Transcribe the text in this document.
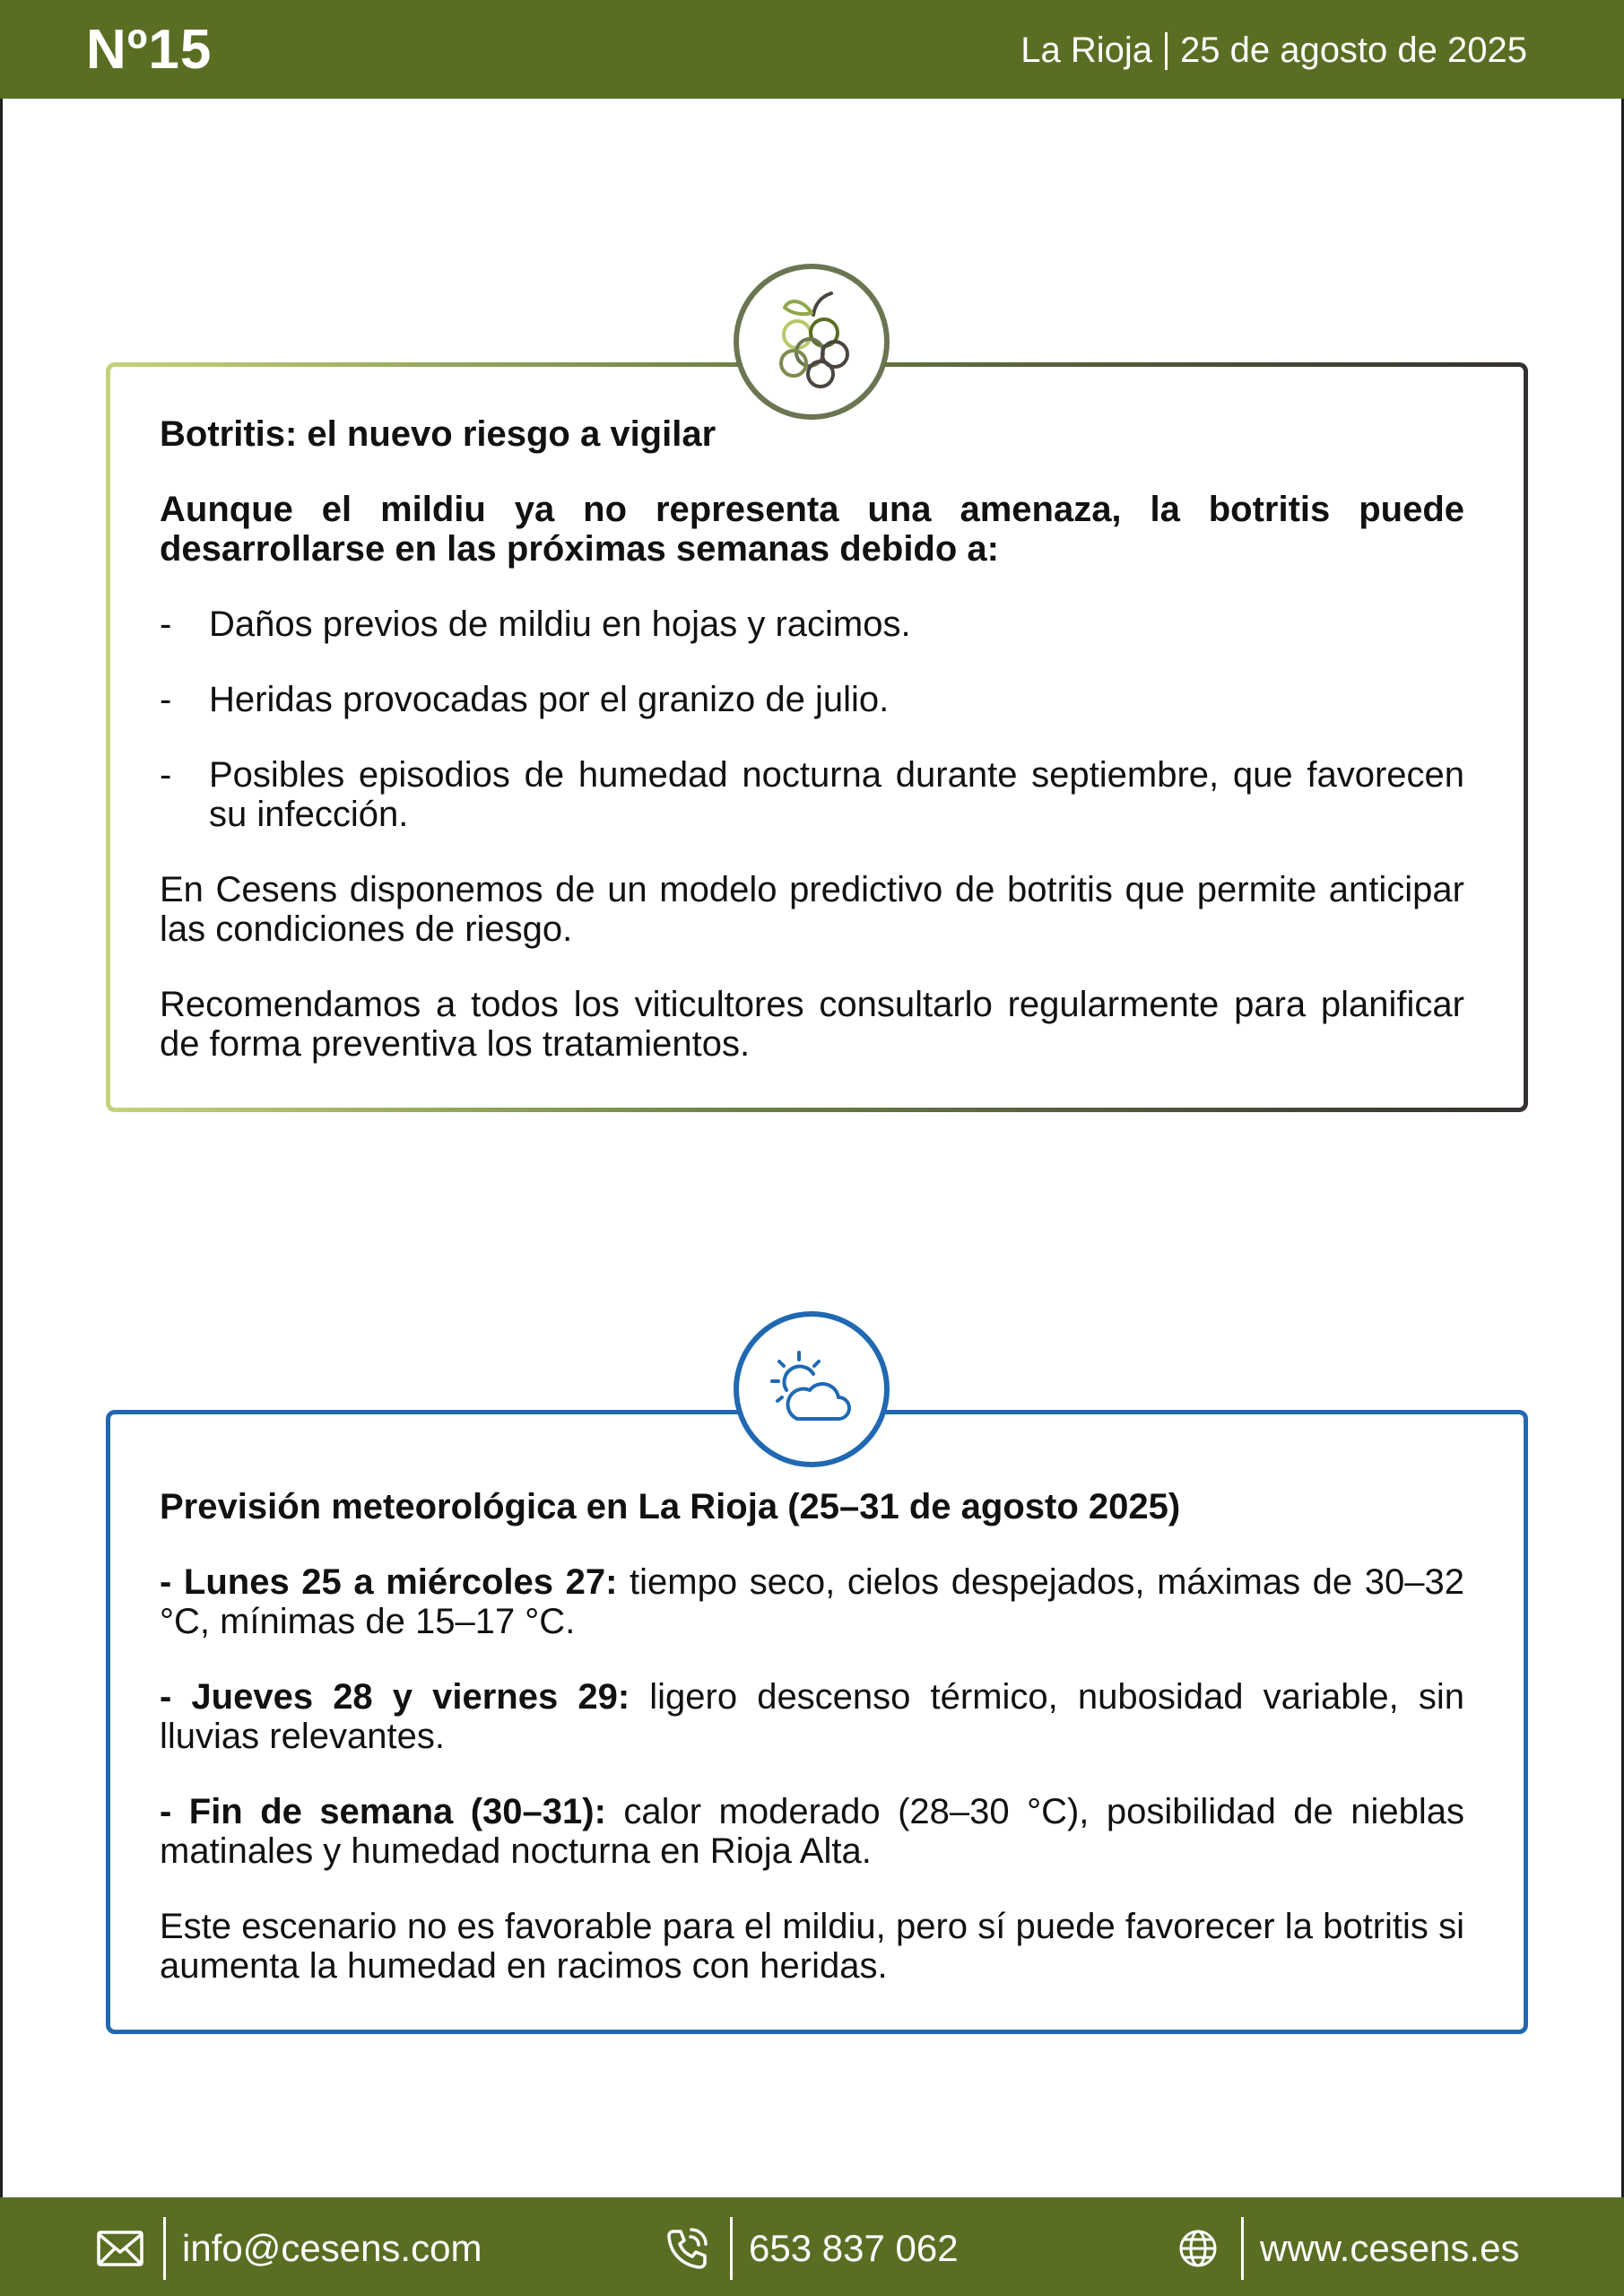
Nº15	La Rioja 25 de agosto de 2025
Botritis: el nuevo riesgo a vigilar
Aunque el mildiu ya no representa una amenaza, la botritis puede desarrollarse en las próximas semanas debido a:
-	Daños previos de mildiu en hojas y racimos.
-	Heridas provocadas por el granizo de julio.
-	Posibles episodios de humedad nocturna durante septiembre, que favorecen su infección.
En Cesens disponemos de un modelo predictivo de botritis que permite anticipar las condiciones de riesgo.
Recomendamos a todos los viticultores consultarlo regularmente para planificar de forma preventiva los tratamientos.
Previsión meteorológica en La Rioja (25–31 de agosto 2025)
- Lunes 25 a miércoles 27: tiempo seco, cielos despejados, máximas de 30–32 °C, mínimas de 15–17 °C.
- Jueves 28 y viernes 29: ligero descenso térmico, nubosidad variable, sin lluvias relevantes.
- Fin de semana (30–31): calor moderado (28–30 °C), posibilidad de nieblas matinales y humedad nocturna en Rioja Alta.
Este escenario no es favorable para el mildiu, pero sí puede favorecer la botritis si aumenta la humedad en racimos con heridas.
info@cesens.com	653 837 062	www.cesens.es
